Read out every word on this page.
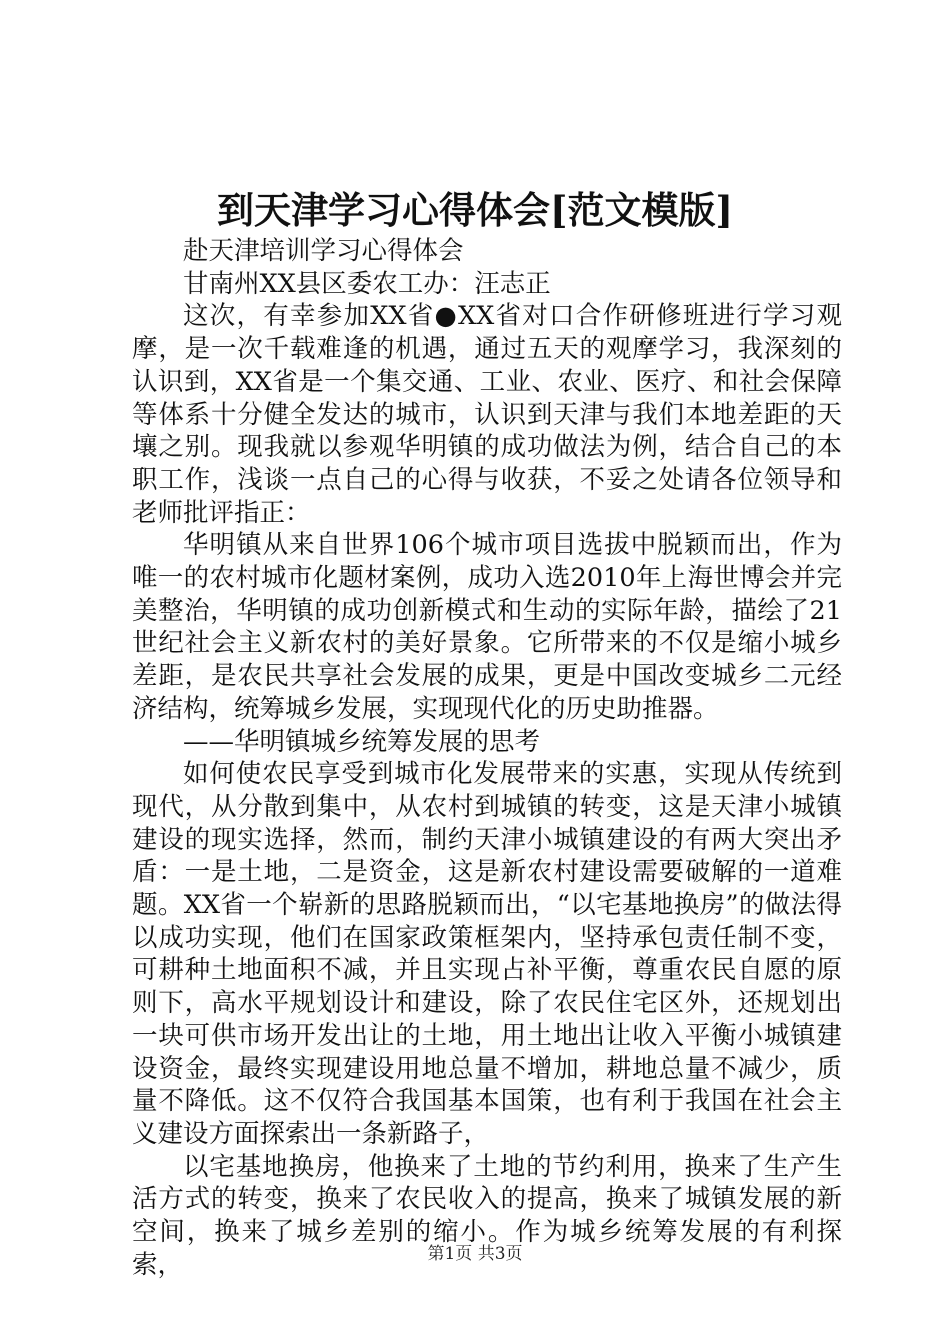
到天津学习心得体会[范文模版]

赴天津培训学习心得体会

甘南州XX县区委农工办：汪志正

这次，有幸参加XX省●XX省对口合作研修班进行学习观摩，是一次千载难逢的机遇，通过五天的观摩学习，我深刻的认识到，XX省是一个集交通、工业、农业、医疗、和社会保障等体系十分健全发达的城市，认识到天津与我们本地差距的天壤之别。现我就以参观华明镇的成功做法为例，结合自己的本职工作，浅谈一点自己的心得与收获，不妥之处请各位领导和老师批评指正：

华明镇从来自世界106个城市项目选拔中脱颖而出，作为唯一的农村城市化题材案例，成功入选2010年上海世博会并完美整治，华明镇的成功创新模式和生动的实际年龄，描绘了21世纪社会主义新农村的美好景象。它所带来的不仅是缩小城乡差距，是农民共享社会发展的成果，更是中国改变城乡二元经济结构，统筹城乡发展，实现现代化的历史助推器。

——华明镇城乡统筹发展的思考

如何使农民享受到城市化发展带来的实惠，实现从传统到现代，从分散到集中，从农村到城镇的转变，这是天津小城镇建设的现实选择，然而，制约天津小城镇建设的有两大突出矛盾：一是土地，二是资金，这是新农村建设需要破解的一道难题。XX省一个崭新的思路脱颖而出，“以宅基地换房”的做法得以成功实现，他们在国家政策框架内，坚持承包责任制不变，可耕种土地面积不减，并且实现占补平衡，尊重农民自愿的原则下，高水平规划设计和建设，除了农民住宅区外，还规划出一块可供市场开发出让的土地，用土地出让收入平衡小城镇建设资金，最终实现建设用地总量不增加，耕地总量不减少，质量不降低。这不仅符合我国基本国策，也有利于我国在社会主义建设方面探索出一条新路子，

以宅基地换房，他换来了土地的节约利用，换来了生产生活方式的转变，换来了农民收入的提高，换来了城镇发展的新空间，换来了城乡差别的缩小。作为城乡统筹发展的有利探索，	第1页 共3页
